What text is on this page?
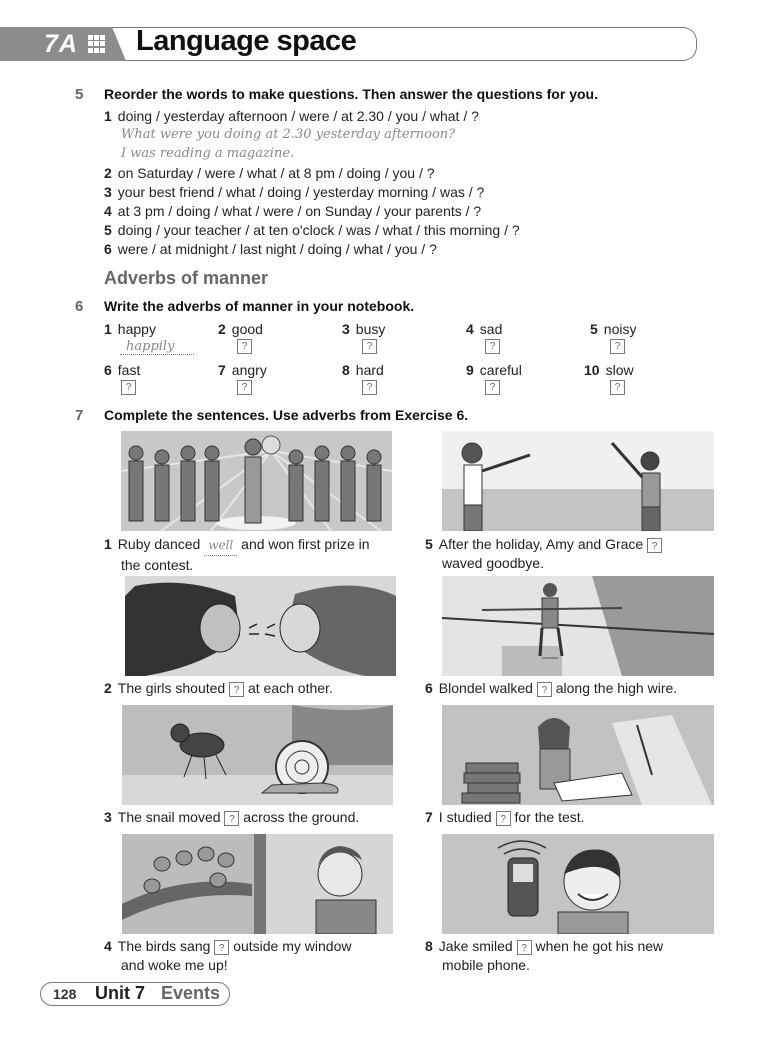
7A Language space
5 Reorder the words to make questions. Then answer the questions for you.
1 doing / yesterday afternoon / were / at 2.30 / you / what / ?
What were you doing at 2.30 yesterday afternoon?
I was reading a magazine.
2 on Saturday / were / what / at 8 pm / doing / you / ?
3 your best friend / what / doing / yesterday morning / was / ?
4 at 3 pm / doing / what / were / on Sunday / your parents / ?
5 doing / your teacher / at ten o'clock / was / what / this morning / ?
6 were / at midnight / last night / doing / what / you / ?
Adverbs of manner
6 Write the adverbs of manner in your notebook.
1 happy
happily
2 good
?
3 busy
?
4 sad
?
5 noisy
?
6 fast
?
7 angry
?
8 hard
?
9 careful
?
10 slow
?
7 Complete the sentences. Use adverbs from Exercise 6.
1 Ruby danced well and won first prize in
the contest.
5 After the holiday, Amy and Grace ?
waved goodbye.
2 The girls shouted ? at each other.	6 Blondel walked ? along the high wire.
3 The snail moved ? across the ground.	7 I studied ? for the test.
4 The birds sang ? outside my window
and woke me up!
8 Jake smiled ? when he got his new
mobile phone.
128 Unit 7 Events
